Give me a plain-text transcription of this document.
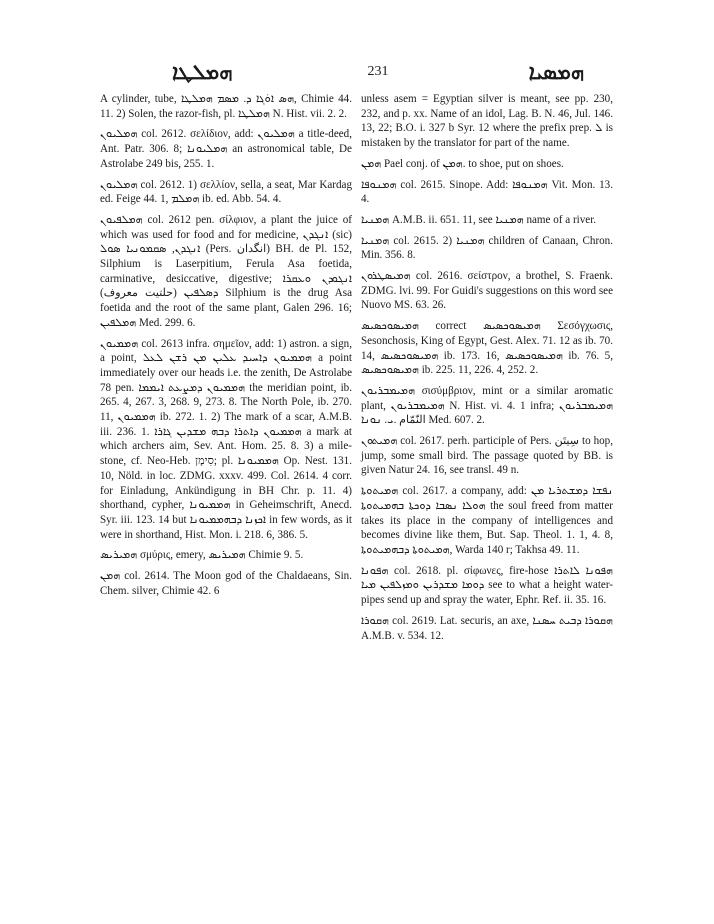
ܗܡܠܛܐ	231	ܗܡܣܝܐ

A cylinder, tube, ܗܣ ܐܘܿܓܐ ܕ. ܡܣܡ ܗܡܠܛܐ, Chimie 44. 11. 2) Solen, the razor-fish, pl. ܗܡܠܛܐ N. Hist. vii. 2. 2.

ܗܡܠܝܘܢ col. 2612. σελίδιον, add: ܗܡܠܝܘܢ a title-deed, Ant. Patr. 306. 8; ܗܡܠܝܘܢܐ an astronomical table, De Astrolabe 249 bis, 255. 1.

ܗܡܠܝܘܢ col. 2612. 1) σελλίον, sella, a seat, Mar Kardag ed. Feige 44. 1, ܗܡܠܡ ib. ed. Abb. 54. 4.

ܗܡܠܦܝܘܢ col. 2612 pen. σίλφιον, a plant the juice of which was used for food and for medicine, ܐܢܓܕܢ (sic) ܐܢܓܕܢ, ܣܩܡܘܢܝܐ ܣܘܠ (Pers. انگدان) BH. de Pl. 152, Silphium is Laserpitium, Ferula Asa foetida, carminative, desiccative, digestive; ܐܢܓܘܕܢ ܘܥܩܪܐ ܕܣܠܦܝܢ (حلتيت معروف) Silphium is the drug Asa foetida and the root of the same plant, Galen 296. 16; ܗܡܠܦܝܢ Med. 299. 6.

ܗܡܡܝܘܢ col. 2613 infra. σημεῖον, add: 1) astron. a sign, a point, ܗܡܡܝܘܢ ܕܐܚܝܕ ܥܠܝܢ ܡܢ ܪܫܢ ܠܥܠ a point immediately over our heads i.e. the zenith, De Astrolabe 78 pen. ܗܡܡܝܘܢ ܕܡܨܥܬ ܐܝܡܡܐ the meridian point, ib. 265. 4, 267. 3, 268. 9, 273. 8. The North Pole, ib. 270. 11, ܗܡܡܝܘܢ ib. 272. 1. 2) The mark of a scar, A.M.B. iii. 236. 1. ܗܡܡܝܘܢ ܕܐܬܪܐ ܕܒܗ ܡܫܕܝܢ ܓܐܪܐ a mark at which archers aim, Sev. Ant. Hom. 25. 8. 3) a mile-stone, cf. Neo-Heb. סִימָן; pl. ܗܡܡܝܘܢܐ Op. Nest. 131. 10, Nöld. in loc. ZDMG. xxxv. 499. Col. 2614. 4 corr. for Einladung, Ankündigung in BH Chr. p. 11. 4) shorthand, cypher, ܗܡܡܝܘܢܐ in Geheimschrift, Anecd. Syr. iii. 123. 14 but ܐܟܙܢܐ ܕܒܗܡܡܝܘܢܐ in few words, as it were in shorthand, Hist. Mon. i. 218. 6, 386. 5.

ܗܡܝܪܝܣ σμύρις, emery, ܗܡܝܪܝܣ Chimie 9. 5.

ܗܡܢ col. 2614. The Moon god of the Chaldaeans, Sin. Chem. silver, Chimie 42. 6

unless asem = Egyptian silver is meant, see pp. 230, 232, and p. xx. Name of an idol, Lag. B. N. 46, Jul. 146. 13, 22; B.O. i. 327 b Syr. 12 where the prefix prep. ܠ is mistaken by the translator for part of the name.

ܗܡܢ Pael conj. of ܗܡܢ. to shoe, put on shoes.

ܗܡܢܘܦܐ col. 2615. Sinope. Add: ܗܡܢܘܦܐ Vit. Mon. 13. 4.

ܗܡܢܝܐ A.M.B. ii. 651. 11, see ܗܡܢܝܐ name of a river.

ܗܡܢܝܐ col. 2615. 2) ܗܡܢܝܐ children of Canaan, Chron. Min. 356. 8.

ܗܡܝܣܛܪܘܢ col. 2616. σείστρον, a brothel, S. Fraenk. ZDMG. lvi. 99. For Guidi's suggestions on this word see Nuovo MS. 63. 26.

ܗܡܝܣܘܟܣܝܣ correct ܗܡܝܣܘܟܣܝܣ Σεσόγχωσις, Sesonchosis, King of Egypt, Gest. Alex. 71. 12 as ib. 70. 14, ܗܡܝܣܘܟܣܝܣ ib. 173. 16, ܗܡܝܣܘܟܣܝܣ ib. 76. 5, ܗܡܝܣܘܟܣܝܣ ib. 225. 11, 226. 4, 252. 2.

ܗܡܝܡܒܪܝܘܢ σισύμβριον, mint or a similar aromatic plant, ܗܡܝܡܒܪܝܘܢ N. Hist. vi. 4. 1 infra; ܗܡܝܡܒܪܝܘܢ النّمّام .ܝ. ܢܘܢܐ Med. 607. 2.

ܗܡܝܬܘܢ col. 2617. perh. participle of Pers. سِيتَن to hop, jump, some small bird. The passage quoted by BB. is given Natur 24. 16, see transl. 49 n.

ܗܡܝܬܘܬܐ col. 2617. a company, add: ܢܦܫܐ ܕܡܫܬܪܝܐ ܡܢ ܗܘܠܐ ܢܣܒܐ ܕܘܟܬܐ ܒܗܡܝܬܘܬܐ the soul freed from matter takes its place in the company of intelligences and becomes divine like them, But. Sap. Theol. 1. 1, 4. 8, ܗܡܝܬܘܬܐ ܕܒܗܡܝܬܘܬܐ, Warda 140 r; Takhsa 49. 11.

ܗܦܘܢܐ col. 2618. pl. σίφωνες, fire-hose ܗܦܘܢܐ ܠܐܬܪܐ ܕܘܡܐ ܡܫܕܪܝܢ ܘܡܙܠܦܝܢ ܡܝܐ see to what a height water-pipes send up and spray the water, Ephr. Ref. ii. 35. 16.

ܗܩܘܪܐ col. 2619. Lat. securis, an axe, ܗܩܘܪܐ ܕܒܝܬ ܚܣܢܐ A.M.B. v. 534. 12.
